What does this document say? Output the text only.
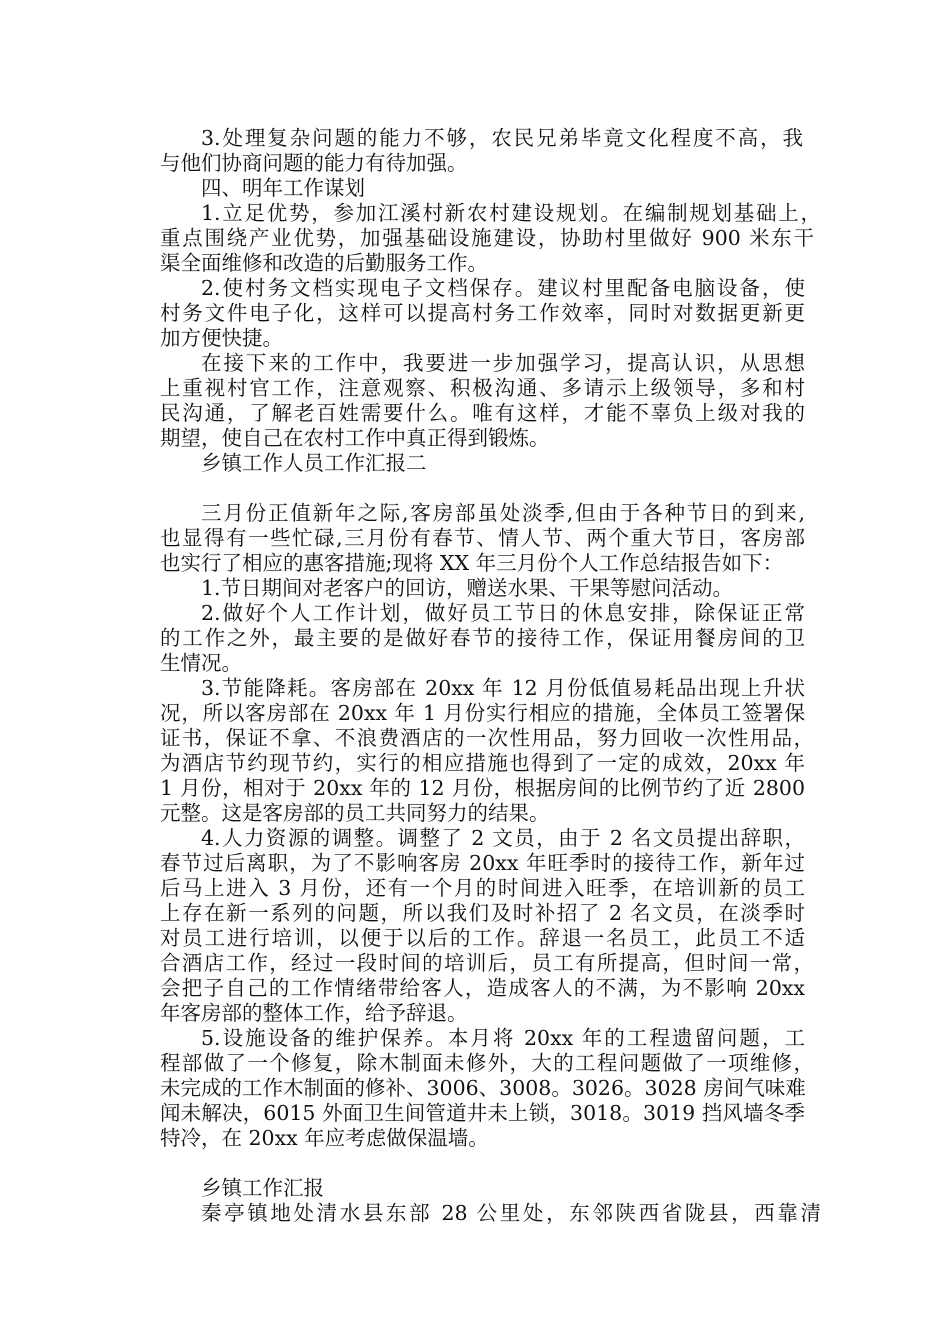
3.处理复杂问题的能力不够，农民兄弟毕竟文化程度不高，我
与他们协商问题的能力有待加强。
四、明年工作谋划
1.立足优势，参加江溪村新农村建设规划。在编制规划基础上，
重点围绕产业优势，加强基础设施建设，协助村里做好 900 米东干
渠全面维修和改造的后勤服务工作。
2.使村务文档实现电子文档保存。建议村里配备电脑设备，使
村务文件电子化，这样可以提高村务工作效率，同时对数据更新更
加方便快捷。
在接下来的工作中，我要进一步加强学习，提高认识，从思想
上重视村官工作，注意观察、积极沟通、多请示上级领导，多和村
民沟通，了解老百姓需要什么。唯有这样，才能不辜负上级对我的
期望，使自己在农村工作中真正得到锻炼。
乡镇工作人员工作汇报二
三月份正值新年之际,客房部虽处淡季,但由于各种节日的到来,
也显得有一些忙碌,三月份有春节、情人节、两个重大节日，客房部
也实行了相应的惠客措施;现将 XX 年三月份个人工作总结报告如下：
1.节日期间对老客户的回访，赠送水果、干果等慰问活动。
2.做好个人工作计划，做好员工节日的休息安排，除保证正常
的工作之外，最主要的是做好春节的接待工作，保证用餐房间的卫
生情况。
3.节能降耗。客房部在 20xx 年 12 月份低值易耗品出现上升状
况，所以客房部在 20xx 年 1 月份实行相应的措施，全体员工签署保
证书，保证不拿、不浪费酒店的一次性用品，努力回收一次性用品，
为酒店节约现节约，实行的相应措施也得到了一定的成效，20xx 年
1 月份，相对于 20xx 年的 12 月份，根据房间的比例节约了近 2800
元整。这是客房部的员工共同努力的结果。
4.人力资源的调整。调整了 2 文员，由于 2 名文员提出辞职，
春节过后离职，为了不影响客房 20xx 年旺季时的接待工作，新年过
后马上进入 3 月份，还有一个月的时间进入旺季，在培训新的员工
上存在新一系列的问题，所以我们及时补招了 2 名文员，在淡季时
对员工进行培训，以便于以后的工作。辞退一名员工，此员工不适
合酒店工作，经过一段时间的培训后，员工有所提高，但时间一常，
会把子自己的工作情绪带给客人，造成客人的不满，为不影响 20xx
年客房部的整体工作，给予辞退。
5.设施设备的维护保养。本月将 20xx 年的工程遗留问题，工
程部做了一个修复，除木制面未修外，大的工程问题做了一项维修，
未完成的工作木制面的修补、3006、3008。3026。3028 房间气味难
闻未解决，6015 外面卫生间管道井未上锁，3018。3019 挡风墙冬季
特冷，在 20xx 年应考虑做保温墙。
乡镇工作汇报
秦亭镇地处清水县东部 28 公里处，东邻陕西省陇县，西靠清
